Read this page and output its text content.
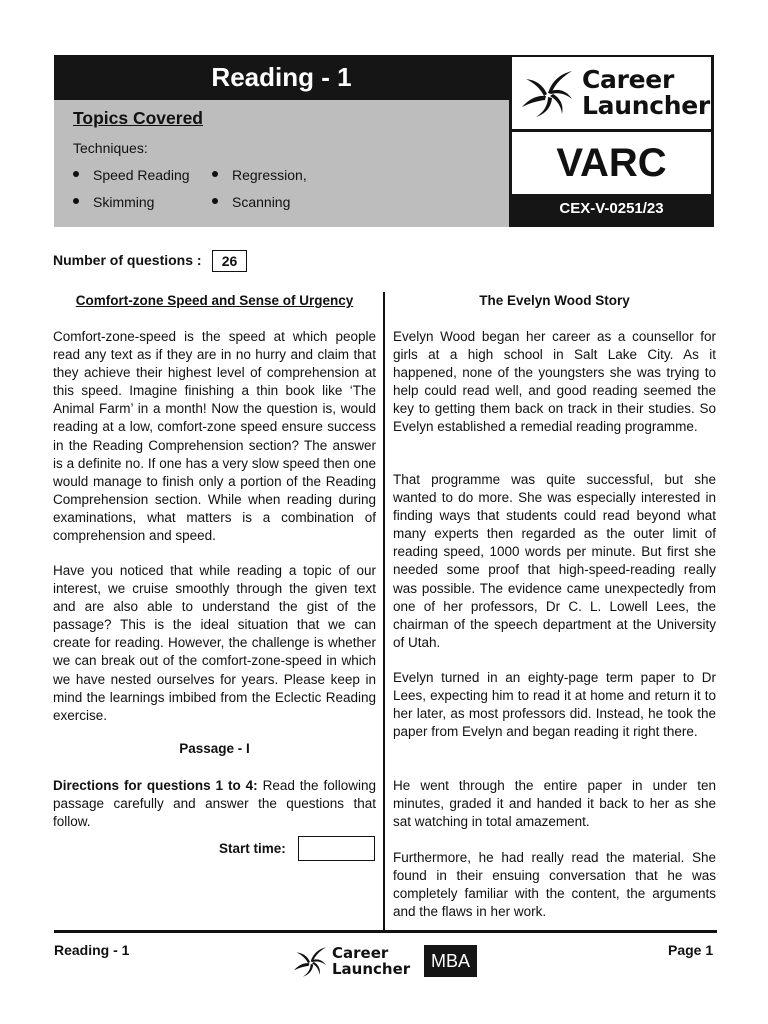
Reading - 1
Topics Covered
Techniques:
Speed Reading	Regression,
Skimming	Scanning
Career
Launcher
VARC
CEX-V-0251/23
Number of questions :	26
Comfort-zone Speed and Sense of Urgency

Comfort-zone-speed is the speed at which people read any text as if they are in no hurry and claim that they achieve their highest level of comprehension at this speed. Imagine finishing a thin book like ‘The Animal Farm’ in a month! Now the question is, would reading at a low, comfort-zone speed ensure success in the Reading Comprehension section? The answer is a definite no. If one has a very slow speed then one would manage to finish only a portion of the Reading Comprehension section. While when reading during examinations, what matters is a combination of comprehension and speed.

Have you noticed that while reading a topic of our interest, we cruise smoothly through the given text and are also able to understand the gist of the passage? This is the ideal situation that we can create for reading. However, the challenge is whether we can break out of the comfort-zone-speed in which we have nested ourselves for years. Please keep in mind the learnings imbibed from the Eclectic Reading exercise.

Passage - I

Directions for questions 1 to 4: Read the following passage carefully and answer the questions that follow.

Start time:
The Evelyn Wood Story

Evelyn Wood began her career as a counsellor for girls at a high school in Salt Lake City. As it happened, none of the youngsters she was trying to help could read well, and good reading seemed the key to getting them back on track in their studies. So Evelyn established a remedial reading programme.

That programme was quite successful, but she wanted to do more. She was especially interested in finding ways that students could read beyond what many experts then regarded as the outer limit of reading speed, 1000 words per minute. But first she needed some proof that high-speed-reading really was possible. The evidence came unexpectedly from one of her professors, Dr C. L. Lowell Lees, the chairman of the speech department at the University of Utah.

Evelyn turned in an eighty-page term paper to Dr Lees, expecting him to read it at home and return it to her later, as most professors did. Instead, he took the paper from Evelyn and began reading it right there.

He went through the entire paper in under ten minutes, graded it and handed it back to her as she sat watching in total amazement.

Furthermore, he had really read the material. She found in their ensuing conversation that he was completely familiar with the content, the arguments and the flaws in her work.

Reading - 1	Career
Launcher	MBA
Page 1
